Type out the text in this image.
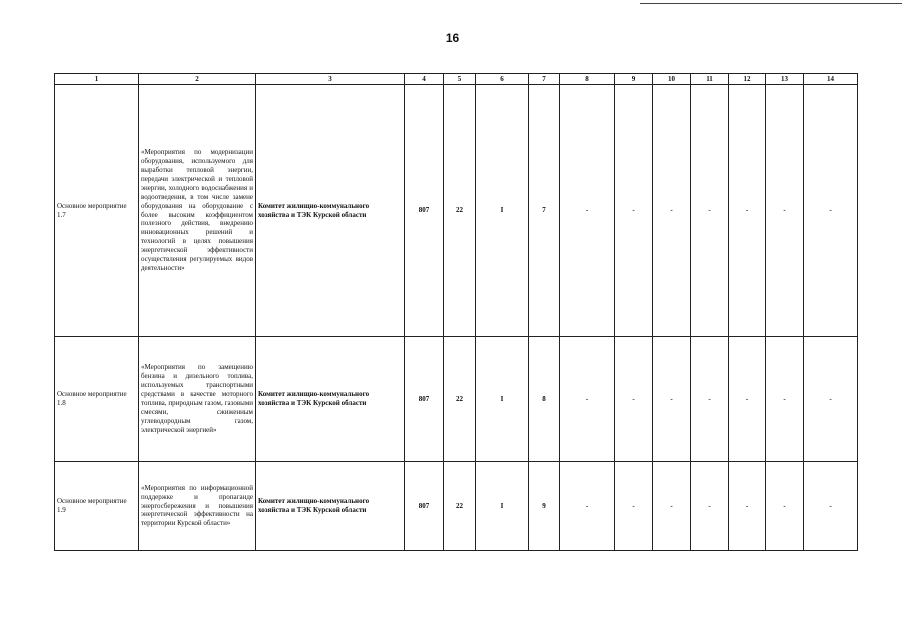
16
1	2	3	4	5	6	7	8	9	10	11	12	13	14
Основное мероприятие 1.7	«Мероприятия по модернизации оборудования, используемого для выработки тепловой энергии, передачи электрической и тепловой энергии, холодного водоснабжения и водоотведения, в том числе замене оборудования на оборудование с более высоким коэффициентом полезного действия, внедрению инновационных решений и технологий в целях повышения энергетической эффективности осуществления регулируемых видов деятельности»	Комитет жилищно-коммунального хозяйства и ТЭК Курской области	807	22	I	7	-	-	-	-	-	-	-
Основное мероприятие 1.8	«Мероприятия по замещению бензина и дизельного топлива, используемых транспортными средствами в качестве моторного топлива, природным газом, газовыми смесями, сжиженным углеводородным газом, электрической энергией»	Комитет жилищно-коммунального хозяйства и ТЭК Курской области	807	22	I	8	-	-	-	-	-	-	-
Основное мероприятие 1.9	«Мероприятия по информационной поддержке и пропаганде энергосбережения и повышения энергетической эффективности на территории Курской области»	Комитет жилищно-коммунального хозяйства и ТЭК Курской области	807	22	I	9	-	-	-	-	-	-	-
